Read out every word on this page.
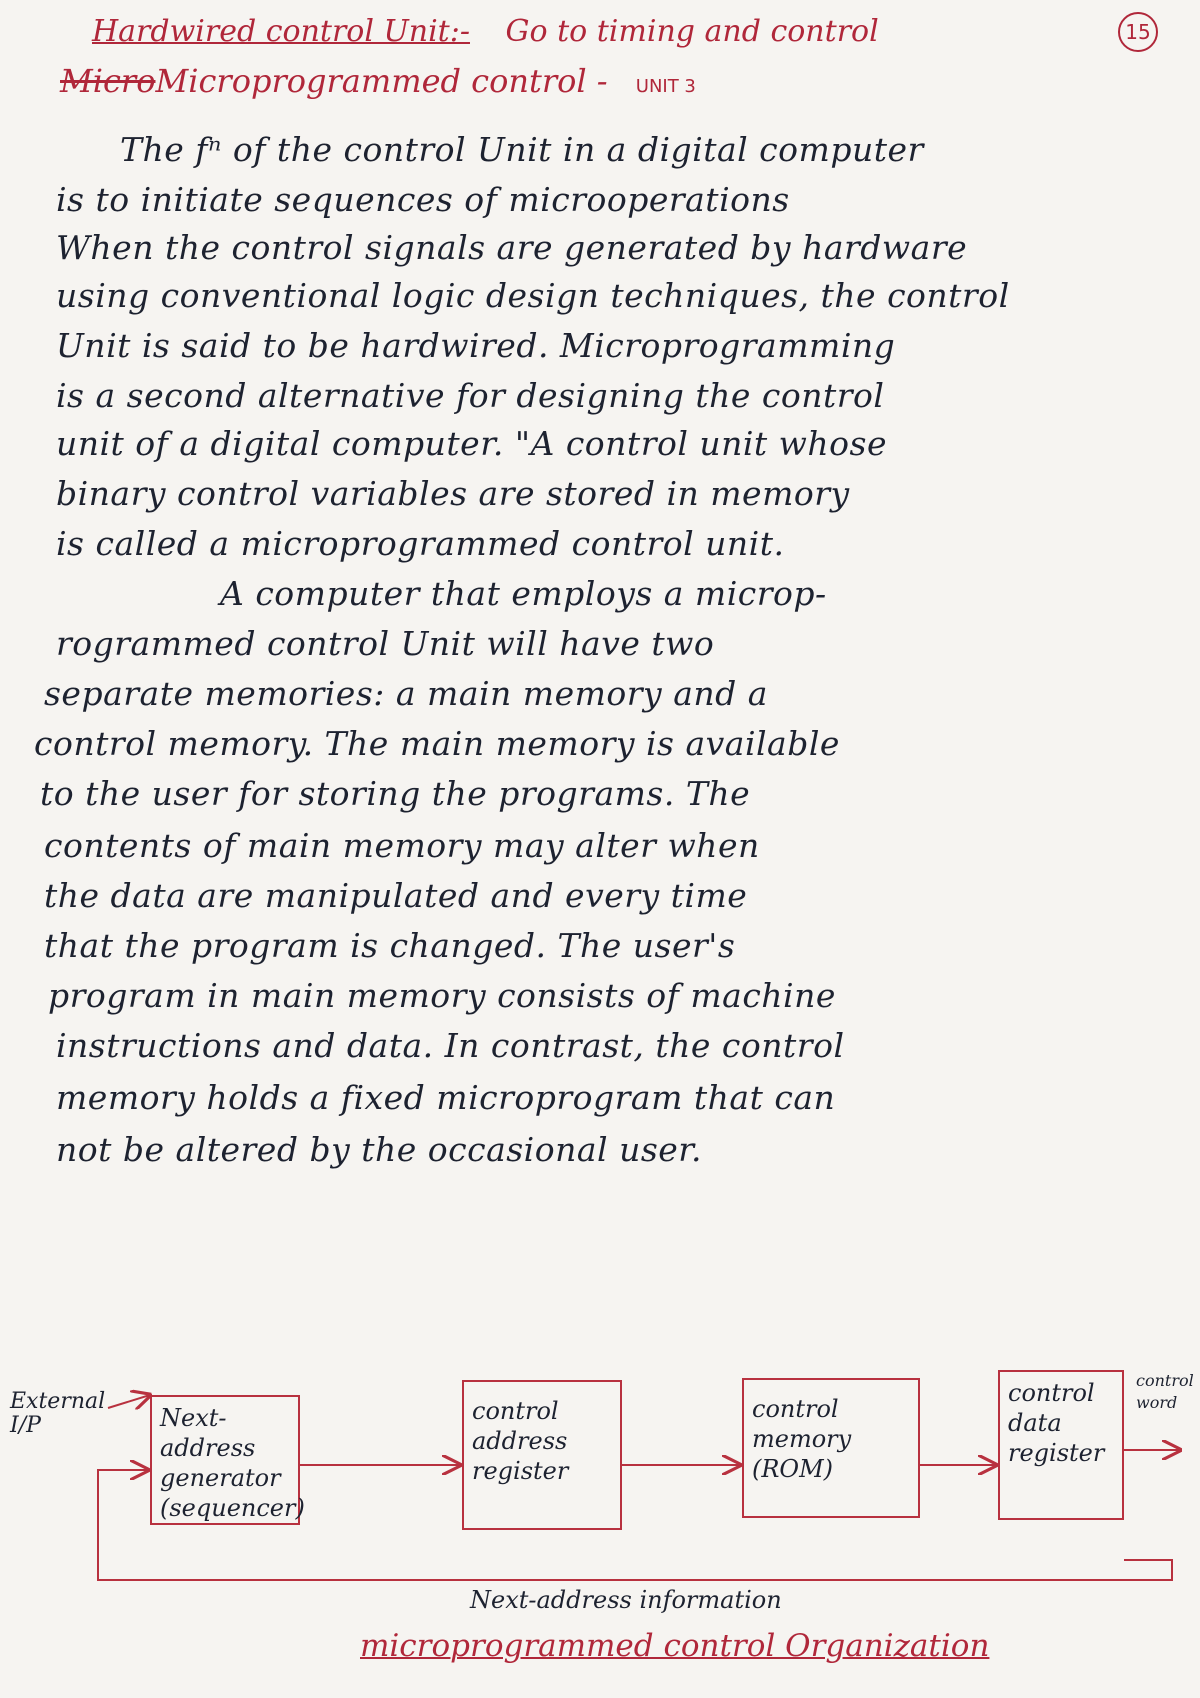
Hardwired control Unit:- Go to timing and control	15
MicroMicroprogrammed control - UNIT 3
The fⁿ of the control Unit in a digital computer
is to initiate sequences of microoperations
When the control signals are generated by hardware
using conventional logic design techniques, the control
Unit is said to be hardwired. Microprogramming
is a second alternative for designing the control
unit of a digital computer. "A control unit whose
binary control variables are stored in memory
is called a microprogrammed control unit.
A computer that employs a microp-
rogrammed control Unit will have two
separate memories: a main memory and a
control memory. The main memory is available
to the user for storing the programs. The
contents of main memory may alter when
the data are manipulated and every time
that the program is changed. The user's
program in main memory consists of machine
instructions and data. In contrast, the control
memory holds a fixed microprogram that can
not be altered by the occasional user.
External I/P	Next-address generator (sequencer)
control address register
control memory (ROM)
control data register
control word
Next-address information
microprogrammed control Organization
